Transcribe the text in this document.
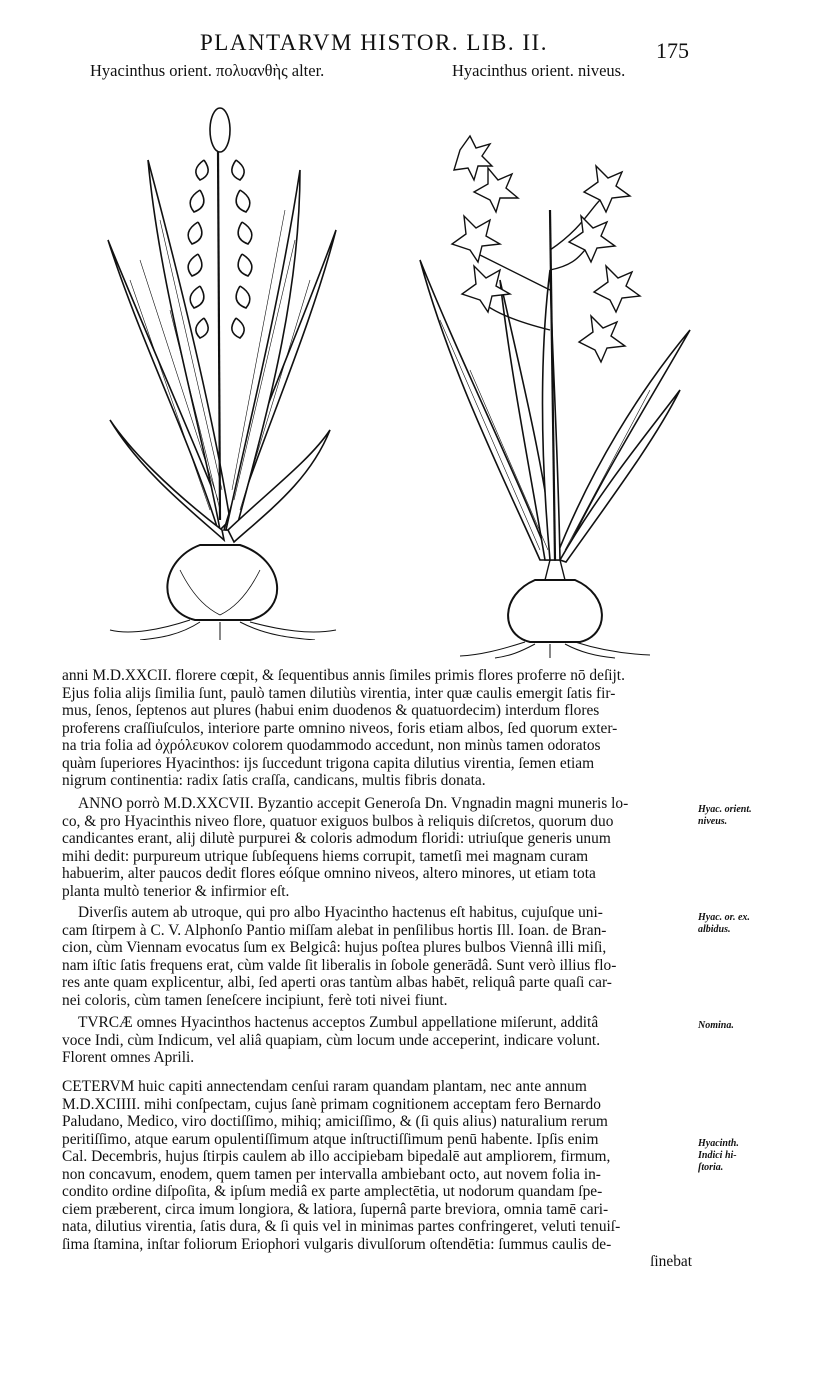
PLANTARVM HISTOR. LIB. II.	175
Hyacinthus orient. πολυανθὴς alter.	Hyacinthus orient. niveus.
anni M.D.XXCII. florere cœpit, & ſequentibus annis ſimiles primis flores proferre nō deſijt.
Ejus folia alijs ſimilia ſunt, paulò tamen dilutiùs virentia, inter quæ caulis emergit ſatis fir-
mus, ſenos, ſeptenos aut plures (habui enim duodenos & quatuordecim) interdum flores
proferens craſſiuſculos, interiore parte omnino niveos, foris etiam albos, ſed quorum exter-
na tria folia ad ὀχρόλευκον colorem quodammodo accedunt, non minùs tamen odoratos
quàm ſuperiores Hyacinthos: ijs ſuccedunt trigona capita dilutius virentia, ſemen etiam
nigrum continentia: radix ſatis craſſa, candicans, multis fibris donata.
ANNO porrò M.D.XXCVII. Byzantio accepit Generoſa Dn. Vngnadin magni muneris lo-
co, & pro Hyacinthis niveo flore, quatuor exiguos bulbos à reliquis diſcretos, quorum duo
candicantes erant, alij dilutè purpurei & coloris admodum floridi: utriuſque generis unum
mihi dedit: purpureum utrique ſubſequens hiems corrupit, tametſi mei magnam curam
habuerim, alter paucos dedit flores eóſque omnino niveos, altero minores, ut etiam tota
planta multò tenerior & infirmior eſt.
Diverſis autem ab utroque, qui pro albo Hyacintho hactenus eſt habitus, cujuſque uni-
cam ſtirpem à C. V. Alphonſo Pantio miſſam alebat in penſilibus hortis Ill. Ioan. de Bran-
cion, cùm Viennam evocatus ſum ex Belgicâ: hujus poſtea plures bulbos Viennâ illi miſi,
nam iſtic ſatis frequens erat, cùm valde ſit liberalis in ſobole generādâ. Sunt verò illius flo-
res ante quam explicentur, albi, ſed aperti oras tantùm albas habēt, reliquâ parte quaſi car-
nei coloris, cùm tamen ſeneſcere incipiunt, ferè toti nivei fiunt.
TVRCÆ omnes Hyacinthos hactenus acceptos Zumbul appellatione miſerunt, additâ
voce Indi, cùm Indicum, vel aliâ quapiam, cùm locum unde acceperint, indicare volunt.
Florent omnes Aprili.
CETERVM huic capiti annectendam cenſui raram quandam plantam, nec ante annum
M.D.XCIIII. mihi conſpectam, cujus ſanè primam cognitionem acceptam fero Bernardo
Paludano, Medico, viro doctiſſimo, mihiq; amiciſſimo, & (ſi quis alius) naturalium rerum
peritiſſimo, atque earum opulentiſſimum atque inſtructiſſimum penū habente. Ipſis enim
Cal. Decembris, hujus ſtirpis caulem ab illo accipiebam bipedalē aut ampliorem, firmum,
non concavum, enodem, quem tamen per intervalla ambiebant octo, aut novem folia in-
condito ordine diſpoſita, & ipſum mediâ ex parte amplectētia, ut nodorum quandam ſpe-
ciem præberent, circa imum longiora, & latiora, ſupernâ parte breviora, omnia tamē cari-
nata, dilutius virentia, ſatis dura, & ſi quis vel in minimas partes confringeret, veluti tenuiſ-
ſima ſtamina, inſtar foliorum Eriophori vulgaris divulſorum oſtendētia: ſummus caulis de-
ſinebat
Hyac. orient.
niveus.
Hyac. or. ex.
albidus.
Nomina.
Hyacinth.
Indici hi-
ſtoria.
